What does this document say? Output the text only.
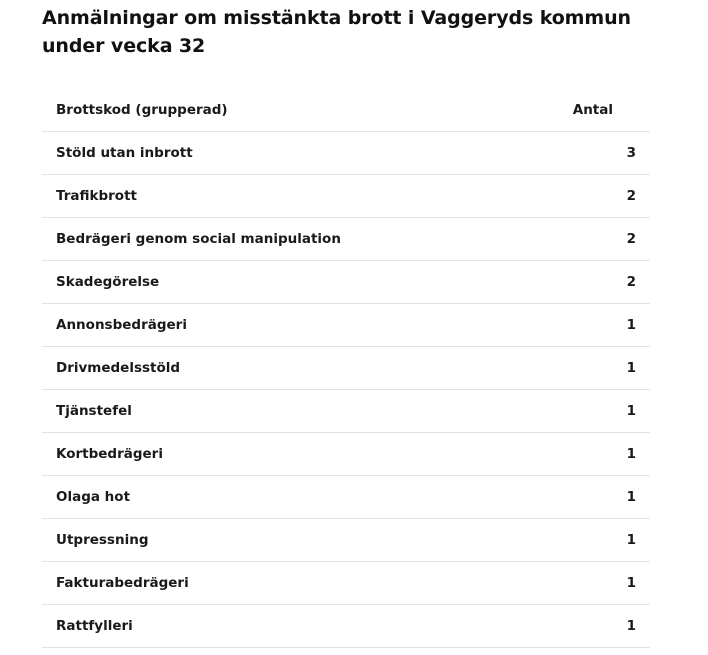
Anmälningar om misstänkta brott i Vaggeryds kommun under vecka 32
Brottskod (grupperad)	Antal
Stöld utan inbrott	3
Trafikbrott	2
Bedrägeri genom social manipulation	2
Skadegörelse	2
Annonsbedrägeri	1
Drivmedelsstöld	1
Tjänstefel	1
Kortbedrägeri	1
Olaga hot	1
Utpressning	1
Fakturabedrägeri	1
Rattfylleri	1
